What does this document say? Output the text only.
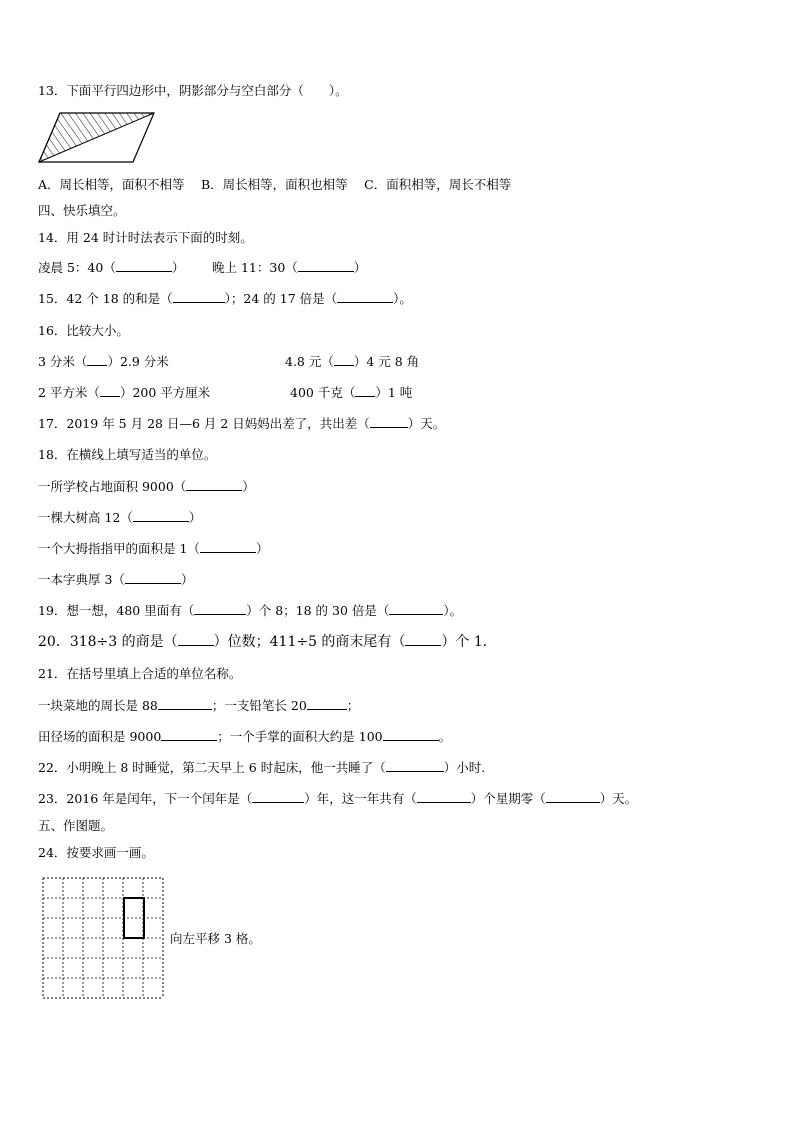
13．下面平行四边形中，阴影部分与空白部分（　　）。
A．周长相等，面积不相等　 B．周长相等，面积也相等　 C．面积相等，周长不相等
四、快乐填空。
14．用 24 时计时法表示下面的时刻。
凌晨 5：40（	） 晚上 11：30（	）
15．42 个 18 的和是（	）；24 的 17 倍是（	）。
16．比较大小。
3 分米（ ）2.9 分米	4.8 元（ ）4 元 8 角
2 平方米（ ）200 平方厘米	400 千克（ ）1 吨
17．2019 年 5 月 28 日—6 月 2 日妈妈出差了，共出差（	）天。
18．在横线上填写适当的单位。
一所学校占地面积 9000（	）
一棵大树高 12（	）
一个大拇指指甲的面积是 1（	）
一本字典厚 3（	）
19．想一想，480 里面有（	）个 8；18 的 30 倍是（	）。
20．318÷3 的商是（	）位数；411÷5 的商末尾有（	）个 1．
21．在括号里填上合适的单位名称。
一块菜地的周长是 88	；一支铅笔长 20	；
田径场的面积是 9000	；一个手掌的面积大约是 100	。
22．小明晚上 8 时睡觉，第二天早上 6 时起床，他一共睡了（	）小时.
23．2016 年是闰年，下一个闰年是（	）年，这一年共有（	）个星期零（	）天。
五、作图题。
24．按要求画一画。
向左平移 3 格。
